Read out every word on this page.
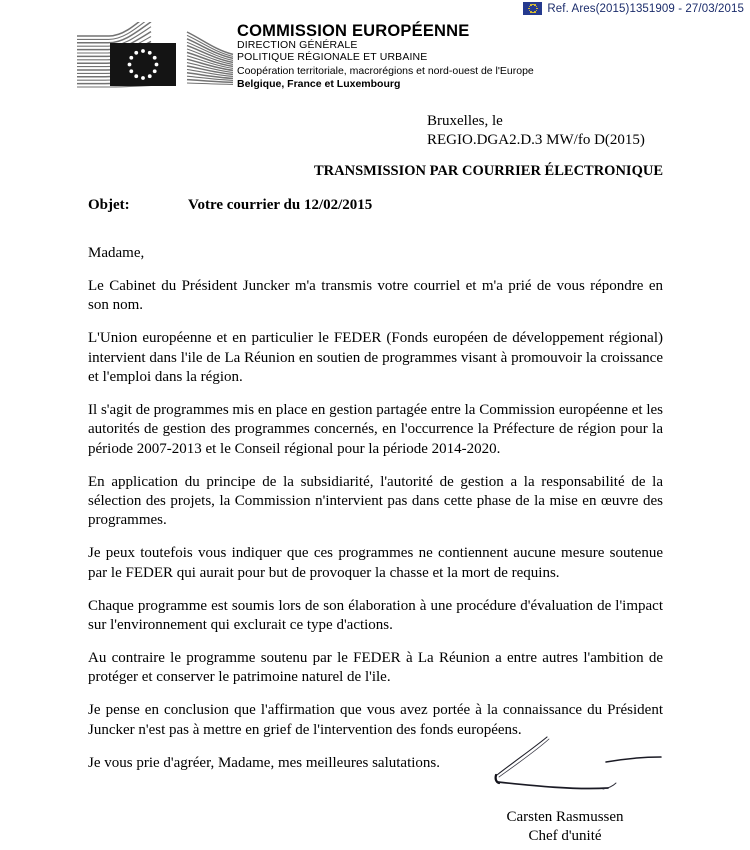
Ref. Ares(2015)1351909 - 27/03/2015
COMMISSION EUROPÉENNE
DIRECTION GÉNÉRALE
POLITIQUE RÉGIONALE ET URBAINE
Coopération territoriale, macrorégions et nord-ouest de l'Europe
Belgique, France et Luxembourg
Bruxelles, le
REGIO.DGA2.D.3 MW/fo D(2015)
TRANSMISSION PAR COURRIER ÉLECTRONIQUE
Objet:	Votre courrier du 12/02/2015

Madame,

Le Cabinet du Président Juncker m'a transmis votre courriel et m'a prié de vous répondre en son nom.

L'Union européenne et en particulier le FEDER (Fonds européen de développement régional) intervient dans l'ile de La Réunion en soutien de programmes visant à promouvoir la croissance et l'emploi dans la région.

Il s'agit de programmes mis en place en gestion partagée entre la Commission européenne et les autorités de gestion des programmes concernés, en l'occurrence la Préfecture de région pour la période 2007-2013 et le Conseil régional pour la période 2014-2020.

En application du principe de la subsidiarité, l'autorité de gestion a la responsabilité de la sélection des projets, la Commission n'intervient pas dans cette phase de la mise en œuvre des programmes.

Je peux toutefois vous indiquer que ces programmes ne contiennent aucune mesure soutenue par le FEDER qui aurait pour but de provoquer la chasse et la mort de requins.

Chaque programme est soumis lors de son élaboration à une procédure d'évaluation de l'impact sur l'environnement qui exclurait ce type d'actions.

Au contraire le programme soutenu par le FEDER à La Réunion a entre autres l'ambition de protéger et conserver le patrimoine naturel de l'ile.

Je pense en conclusion que l'affirmation que vous avez portée à la connaissance du Président Juncker n'est pas à mettre en grief de l'intervention des fonds européens.

Je vous prie d'agréer, Madame, mes meilleures salutations.

Carsten Rasmussen
Chef d'unité
